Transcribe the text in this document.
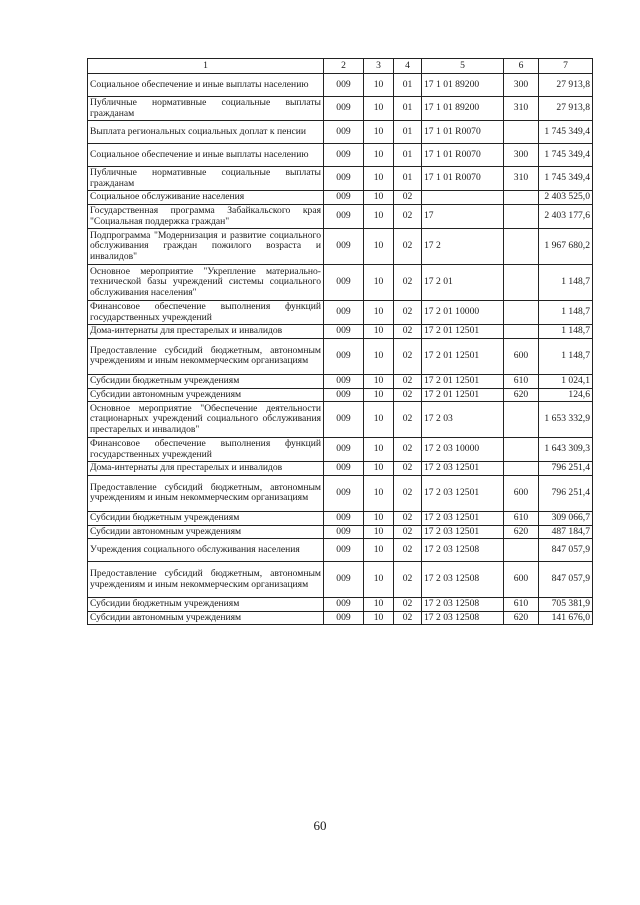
1	2	3	4	5	6	7
Социальное обеспечение и иные выплаты населению	009	10	01	17 1 01 89200	300	27 913,8
Публичные нормативные социальные выплаты гражданам	009	10	01	17 1 01 89200	310	27 913,8
Выплата региональных социальных доплат к пенсии	009	10	01	17 1 01 R0070		1 745 349,4
Социальное обеспечение и иные выплаты населению	009	10	01	17 1 01 R0070	300	1 745 349,4
Публичные нормативные социальные выплаты гражданам	009	10	01	17 1 01 R0070	310	1 745 349,4
Социальное обслуживание населения	009	10	02			2 403 525,0
Государственная программа Забайкальского края "Социальная поддержка граждан"	009	10	02	17		2 403 177,6
Подпрограмма "Модернизация и развитие социального обслуживания граждан пожилого возраста и инвалидов"	009	10	02	17 2		1 967 680,2
Основное мероприятие "Укрепление материально-технической базы учреждений системы социального обслуживания населения"	009	10	02	17 2 01		1 148,7
Финансовое обеспечение выполнения функций государственных учреждений	009	10	02	17 2 01 10000		1 148,7
Дома-интернаты для престарелых и инвалидов	009	10	02	17 2 01 12501		1 148,7
Предоставление субсидий бюджетным, автономным учреждениям и иным некоммерческим организациям	009	10	02	17 2 01 12501	600	1 148,7
Субсидии бюджетным учреждениям	009	10	02	17 2 01 12501	610	1 024,1
Субсидии автономным учреждениям	009	10	02	17 2 01 12501	620	124,6
Основное мероприятие "Обеспечение деятельности стационарных учреждений социального обслуживания престарелых и инвалидов"	009	10	02	17 2 03		1 653 332,9
Финансовое обеспечение выполнения функций государственных учреждений	009	10	02	17 2 03 10000		1 643 309,3
Дома-интернаты для престарелых и инвалидов	009	10	02	17 2 03 12501		796 251,4
Предоставление субсидий бюджетным, автономным учреждениям и иным некоммерческим организациям	009	10	02	17 2 03 12501	600	796 251,4
Субсидии бюджетным учреждениям	009	10	02	17 2 03 12501	610	309 066,7
Субсидии автономным учреждениям	009	10	02	17 2 03 12501	620	487 184,7
Учреждения социального обслуживания населения	009	10	02	17 2 03 12508		847 057,9
Предоставление субсидий бюджетным, автономным учреждениям и иным некоммерческим организациям	009	10	02	17 2 03 12508	600	847 057,9
Субсидии бюджетным учреждениям	009	10	02	17 2 03 12508	610	705 381,9
Субсидии автономным учреждениям	009	10	02	17 2 03 12508	620	141 676,0
60
